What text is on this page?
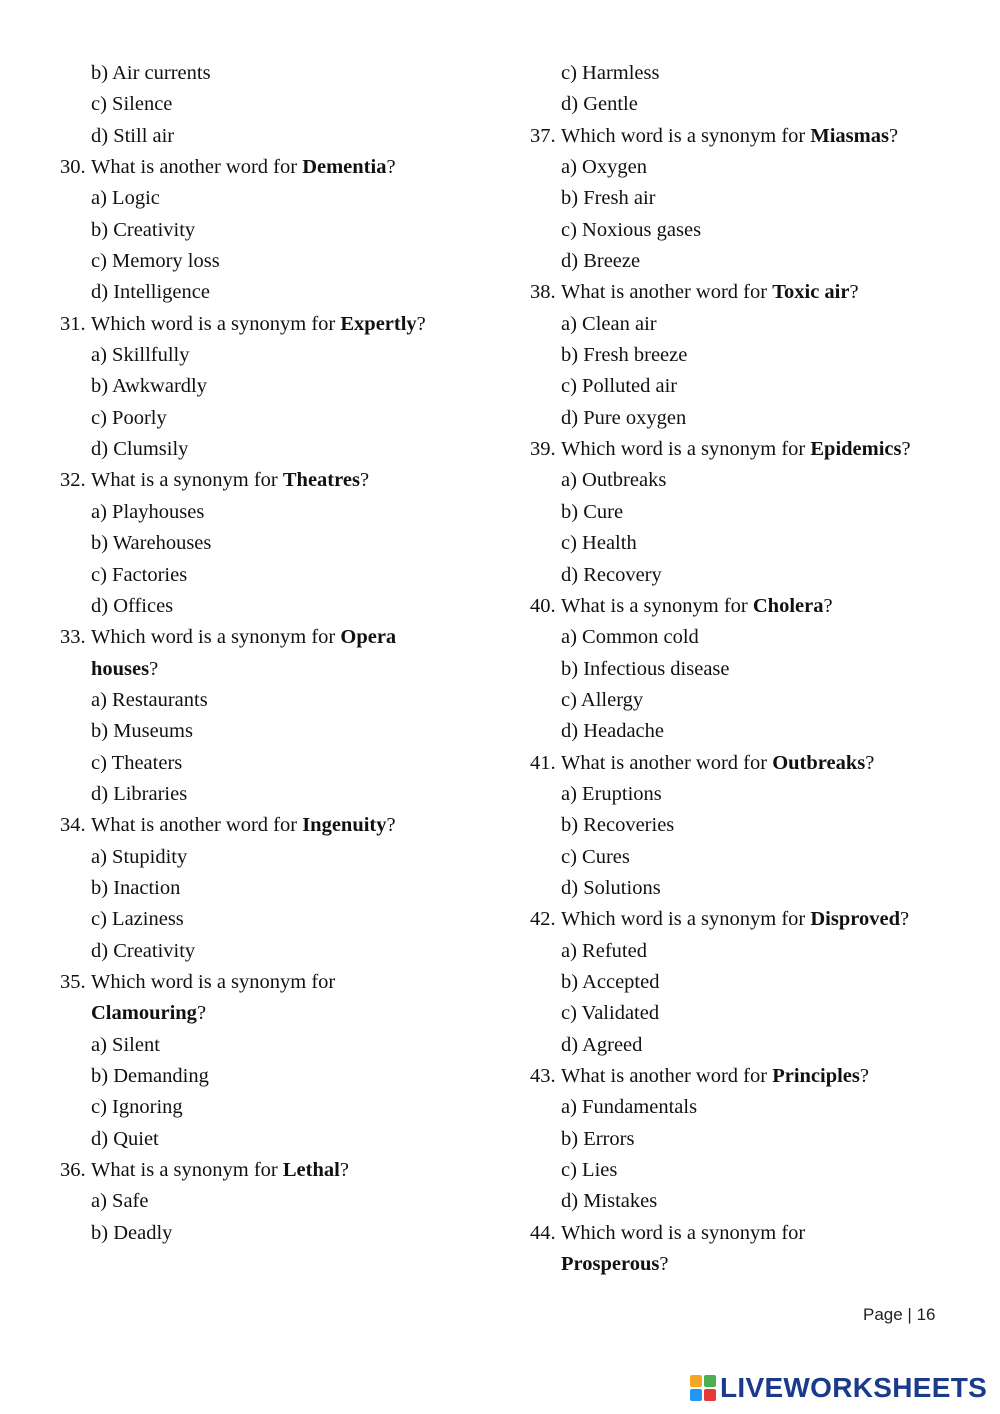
b) Air currents
c) Silence
d) Still air
30. What is another word for Dementia?
a) Logic
b) Creativity
c) Memory loss
d) Intelligence
31. Which word is a synonym for Expertly?
a) Skillfully
b) Awkwardly
c) Poorly
d) Clumsily
32. What is a synonym for Theatres?
a) Playhouses
b) Warehouses
c) Factories
d) Offices
33. Which word is a synonym for Opera
houses?
a) Restaurants
b) Museums
c) Theaters
d) Libraries
34. What is another word for Ingenuity?
a) Stupidity
b) Inaction
c) Laziness
d) Creativity
35. Which word is a synonym for
Clamouring?
a) Silent
b) Demanding
c) Ignoring
d) Quiet
36. What is a synonym for Lethal?
a) Safe
b) Deadly
c) Harmless
d) Gentle
37. Which word is a synonym for Miasmas?
a) Oxygen
b) Fresh air
c) Noxious gases
d) Breeze
38. What is another word for Toxic air?
a) Clean air
b) Fresh breeze
c) Polluted air
d) Pure oxygen
39. Which word is a synonym for Epidemics?
a) Outbreaks
b) Cure
c) Health
d) Recovery
40. What is a synonym for Cholera?
a) Common cold
b) Infectious disease
c) Allergy
d) Headache
41. What is another word for Outbreaks?
a) Eruptions
b) Recoveries
c) Cures
d) Solutions
42. Which word is a synonym for Disproved?
a) Refuted
b) Accepted
c) Validated
d) Agreed
43. What is another word for Principles?
a) Fundamentals
b) Errors
c) Lies
d) Mistakes
44. Which word is a synonym for
Prosperous?
Page | 16
LIVEWORKSHEETS
